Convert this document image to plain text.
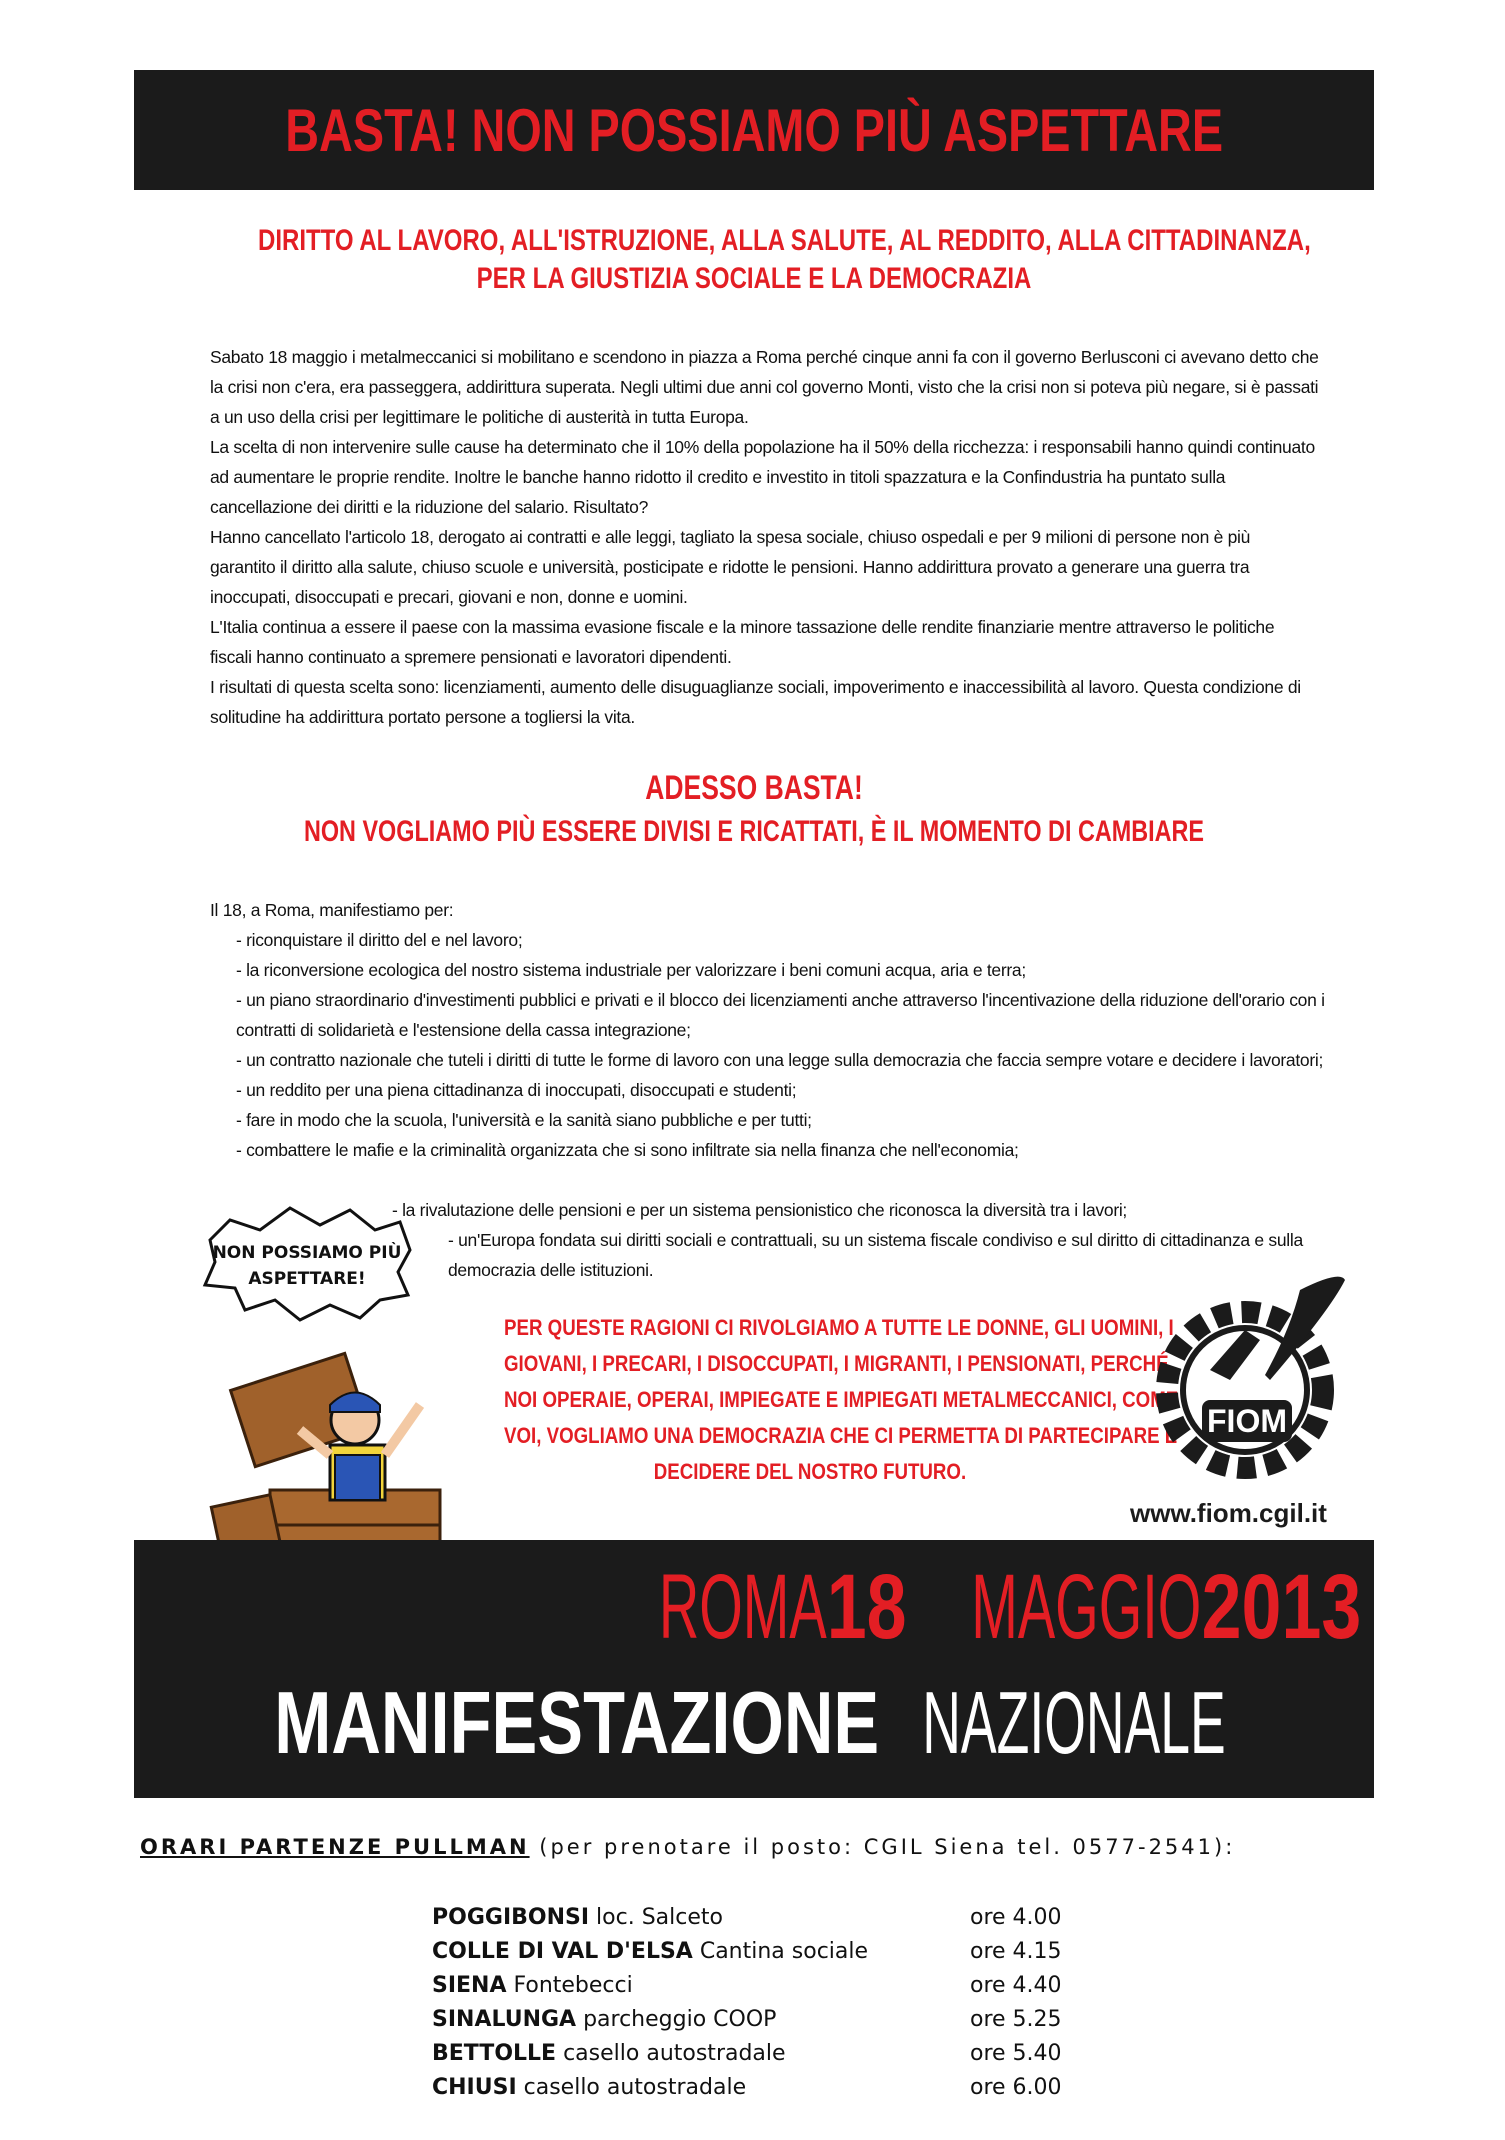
BASTA! NON POSSIAMO PIÙ ASPETTARE
DIRITTO AL LAVORO, ALL'ISTRUZIONE, ALLA SALUTE, AL REDDITO, ALLA CITTADINANZA,
PER LA GIUSTIZIA SOCIALE E LA DEMOCRAZIA

Sabato 18 maggio i metalmeccanici si mobilitano e scendono in piazza a Roma perché cinque anni fa con il governo Berlusconi ci avevano detto che la crisi non c'era, era passeggera, addirittura superata. Negli ultimi due anni col governo Monti, visto che la crisi non si poteva più negare, si è passati a un uso della crisi per legittimare le politiche di austerità in tutta Europa.

La scelta di non intervenire sulle cause ha determinato che il 10% della popolazione ha il 50% della ricchezza: i responsabili hanno quindi continuato ad aumentare le proprie rendite. Inoltre le banche hanno ridotto il credito e investito in titoli spazzatura e la Confindustria ha puntato sulla cancellazione dei diritti e la riduzione del salario. Risultato?

Hanno cancellato l'articolo 18, derogato ai contratti e alle leggi, tagliato la spesa sociale, chiuso ospedali e per 9 milioni di persone non è più garantito il diritto alla salute, chiuso scuole e università, posticipate e ridotte le pensioni. Hanno addirittura provato a generare una guerra tra inoccupati, disoccupati e precari, giovani e non, donne e uomini.

L'Italia continua a essere il paese con la massima evasione fiscale e la minore tassazione delle rendite finanziarie mentre attraverso le politiche fiscali hanno continuato a spremere pensionati e lavoratori dipendenti.

I risultati di questa scelta sono: licenziamenti, aumento delle disuguaglianze sociali, impoverimento e inaccessibilità al lavoro. Questa condizione di solitudine ha addirittura portato persone a togliersi la vita.

ADESSO BASTA!
NON VOGLIAMO PIÙ ESSERE DIVISI E RICATTATI, È IL MOMENTO DI CAMBIARE
Il 18, a Roma, manifestiamo per:

- riconquistare il diritto del e nel lavoro;

- la riconversione ecologica del nostro sistema industriale per valorizzare i beni comuni acqua, aria e terra;

- un piano straordinario d'investimenti pubblici e privati e il blocco dei licenziamenti anche attraverso l'incentivazione della riduzione dell'orario con i contratti di solidarietà e l'estensione della cassa integrazione;

- un contratto nazionale che tuteli i diritti di tutte le forme di lavoro con una legge sulla democrazia che faccia sempre votare e decidere i lavoratori;

- un reddito per una piena cittadinanza di inoccupati, disoccupati e studenti;

- fare in modo che la scuola, l'università e la sanità siano pubbliche e per tutti;

- combattere le mafie e la criminalità organizzata che si sono infiltrate sia nella finanza che nell'economia;

- la rivalutazione delle pensioni e per un sistema pensionistico che riconosca la diversità tra i lavori;
- un'Europa fondata sui diritti sociali e contrattuali, su un sistema fiscale condiviso e sul diritto di cittadinanza e sulla democrazia delle istituzioni.
NON POSSIAMO PIÙ
ASPETTARE!
PER QUESTE RAGIONI CI RIVOLGIAMO A TUTTE LE DONNE, GLI UOMINI, I
GIOVANI, I PRECARI, I DISOCCUPATI, I MIGRANTI, I PENSIONATI, PERCHÉ
NOI OPERAIE, OPERAI, IMPIEGATE E IMPIEGATI METALMECCANICI, COME
VOI, VOGLIAMO UNA DEMOCRAZIA CHE CI PERMETTA DI PARTECIPARE E
DECIDERE DEL NOSTRO FUTURO.
FIOM
www.fiom.cgil.it
ROMA18 MAGGIO2013
MANIFESTAZIONE NAZIONALE
ORARI PARTENZE PULLMAN (per prenotare il posto: CGIL Siena tel. 0577-2541):
POGGIBONSI loc. Salceto	ore 4.00
COLLE DI VAL D'ELSA Cantina sociale	ore 4.15
SIENA Fontebecci	ore 4.40
SINALUNGA parcheggio COOP	ore 5.25
BETTOLLE casello autostradale	ore 5.40
CHIUSI casello autostradale	ore 6.00
